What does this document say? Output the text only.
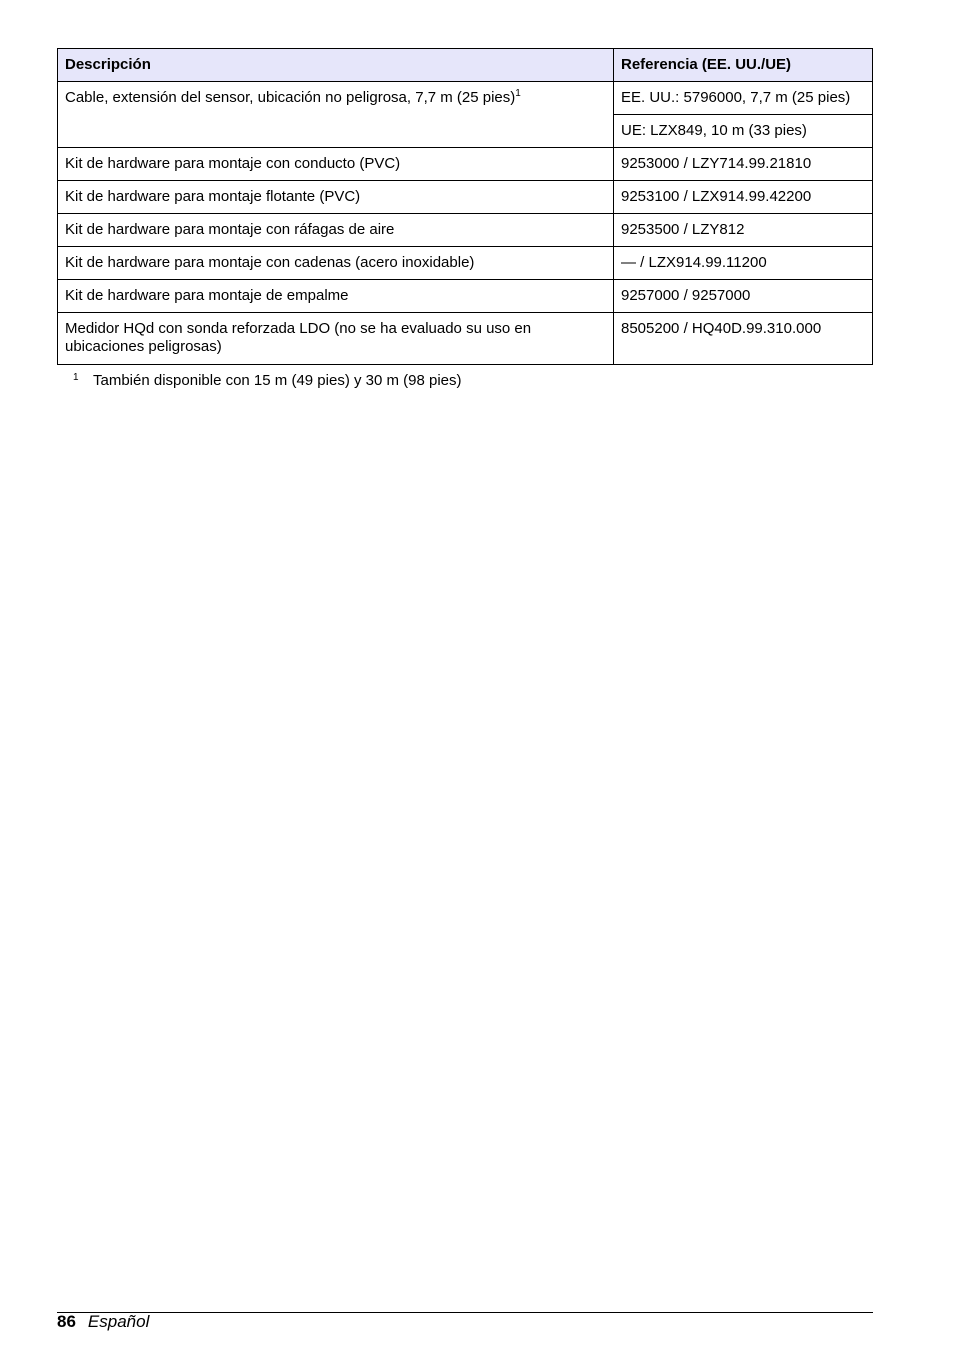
Descripción	Referencia (EE. UU./UE)
Cable, extensión del sensor, ubicación no peligrosa, 7,7 m (25 pies)$^1$	EE. UU.: 5796000, 7,7 m (25 pies)
	UE: LZX849, 10 m (33 pies)
Kit de hardware para montaje con conducto (PVC)	9253000 / LZY714.99.21810
Kit de hardware para montaje flotante (PVC)	9253100 / LZX914.99.42200
Kit de hardware para montaje con ráfagas de aire	9253500 / LZY812
Kit de hardware para montaje con cadenas (acero inoxidable)	— / LZX914.99.11200
Kit de hardware para montaje de empalme	9257000 / 9257000
Medidor HQd con sonda reforzada LDO (no se ha evaluado su uso en ubicaciones peligrosas)	8505200 / HQ40D.99.310.000
1 También disponible con 15 m (49 pies) y 30 m (98 pies)
86 Español
